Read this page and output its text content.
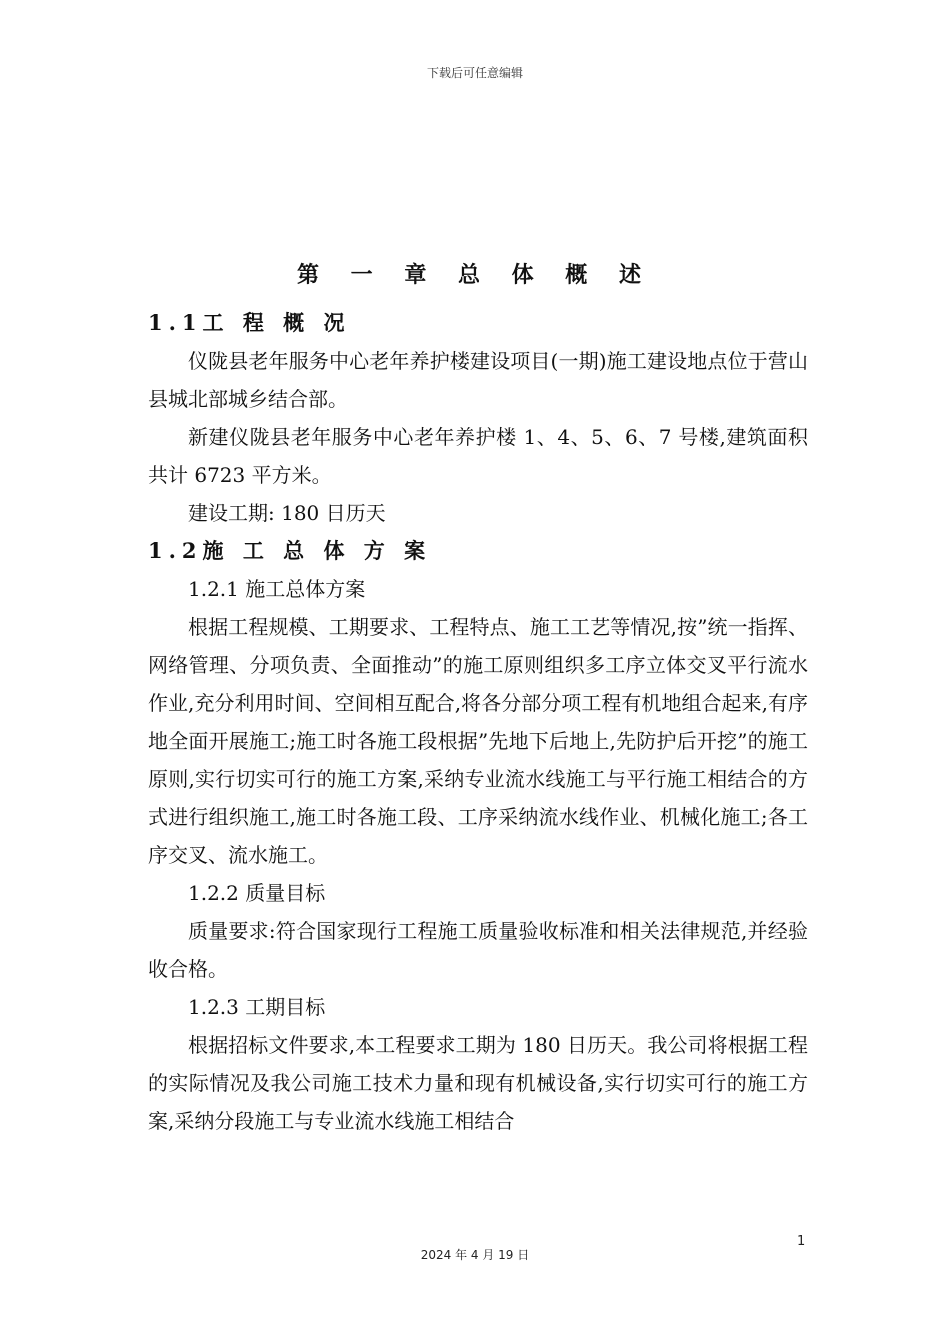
下载后可任意编辑
第 一 章 总 体 概 述
1.1工 程 概 况
仪陇县老年服务中心老年养护楼建设项目(一期)施工建设地点位于营山县城北部城乡结合部。
新建仪陇县老年服务中心老年养护楼 1、4、5、6、7 号楼,建筑面积共计 6723 平方米。
建设工期: 180 日历天
1.2施 工 总 体 方 案
1.2.1 施工总体方案
根据工程规模、工期要求、工程特点、施工工艺等情况,按”统一指挥、网络管理、分项负责、全面推动”的施工原则组织多工序立体交叉平行流水作业,充分利用时间、空间相互配合,将各分部分项工程有机地组合起来,有序地全面开展施工;施工时各施工段根据”先地下后地上,先防护后开挖”的施工原则,实行切实可行的施工方案,采纳专业流水线施工与平行施工相结合的方式进行组织施工,施工时各施工段、工序采纳流水线作业、机械化施工;各工序交叉、流水施工。
1.2.2 质量目标
质量要求:符合国家现行工程施工质量验收标准和相关法律规范,并经验收合格。
1.2.3 工期目标
根据招标文件要求,本工程要求工期为 180 日历天。我公司将根据工程的实际情况及我公司施工技术力量和现有机械设备,实行切实可行的施工方案,采纳分段施工与专业流水线施工相结合
1
2024 年 4 月 19 日
